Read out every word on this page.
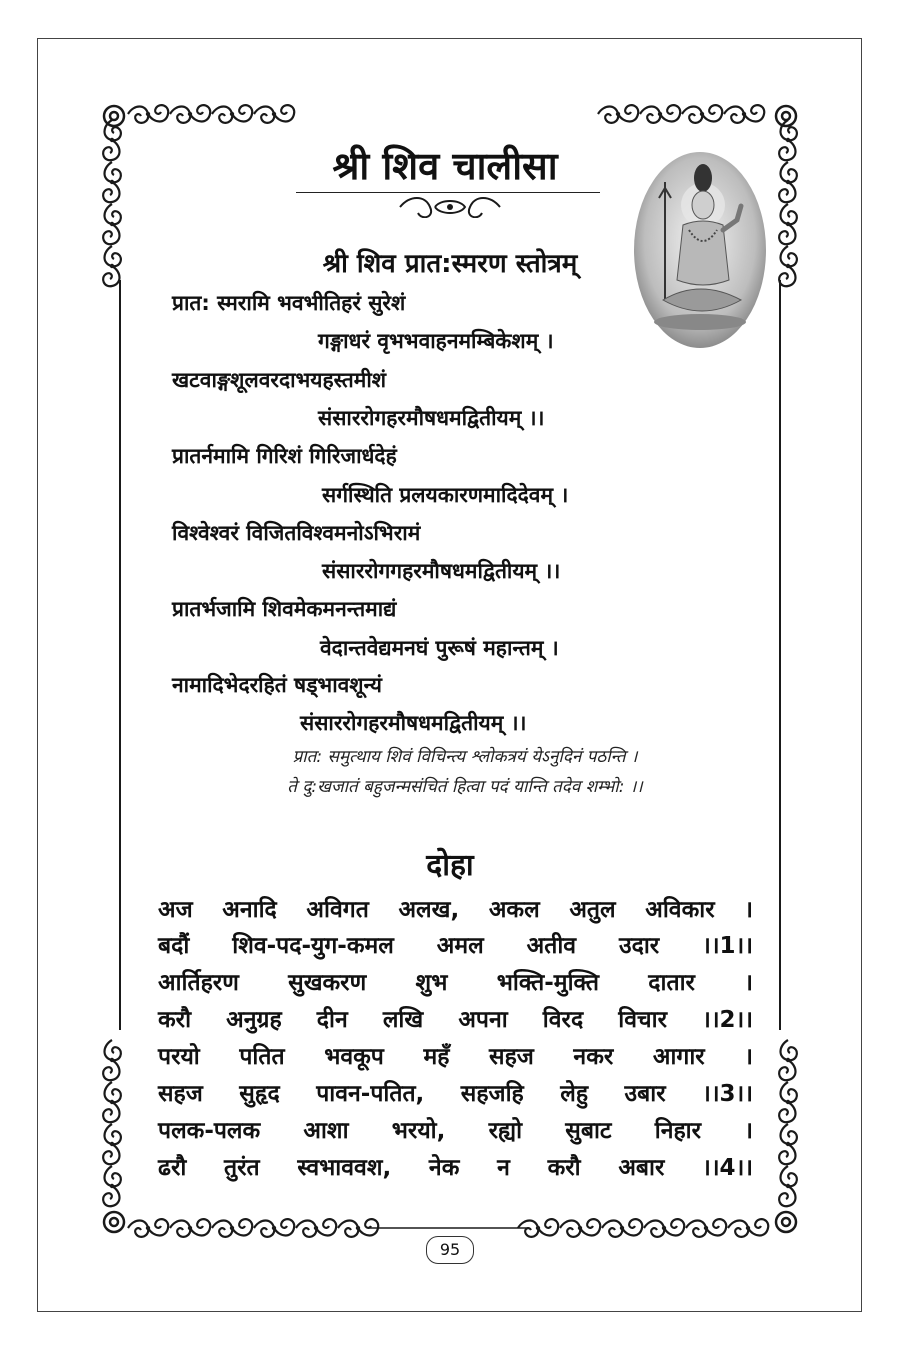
श्री शिव चालीसा
श्री शिव प्रात:स्मरण स्तोत्रम्
प्रात: स्मरामि भवभीतिहरं सुरेशं
गङ्गाधरं वृभभवाहनमम्बिकेशम् ।
खटवाङ्गशूलवरदाभयहस्तमीशं
संसाररोगहरमौषधमद्वितीयम् ।।
प्रातर्नमामि गिरिशं गिरिजार्धदेहं
सर्गस्थिति प्रलयकारणमादिदेवम् ।
विश्वेश्वरं विजितविश्वमनोऽभिरामं
संसाररोगगहरमौषधमद्वितीयम् ।।
प्रातर्भजामि शिवमेकमनन्तमाद्यं
वेदान्तवेद्यमनघं पुरूषं महान्तम् ।
नामादिभेदरहितं षड्भावशून्यं
संसाररोगहरमौषधमद्वितीयम् ।।
प्रात: समुत्थाय शिवं विचिन्त्य श्लोकत्रयं येऽनुदिनं पठन्ति ।
ते दु:खजातं बहुजन्मसंचितं हित्वा पदं यान्ति तदेव शम्भो: ।।
दोहा
अज अनादि अविगत अलख, अकल अतुल अविकार ।
बदौं शिव-पद-युग-कमल अमल अतीव उदार ।।1।।
आर्तिहरण सुखकरण शुभ भक्ति-मुक्ति दातार ।
करौ अनुग्रह दीन लखि अपना विरद विचार ।।2।।
परयो पतित भवकूप महँ सहज नकर आगार ।
सहज सुहृद पावन-पतित, सहजहि लेहु उबार ।।3।।
पलक-पलक आशा भरयो, रह्यो सुबाट निहार ।
ढरौ तुरंत स्वभाववश, नेक न करौ अबार ।।4।।
95
